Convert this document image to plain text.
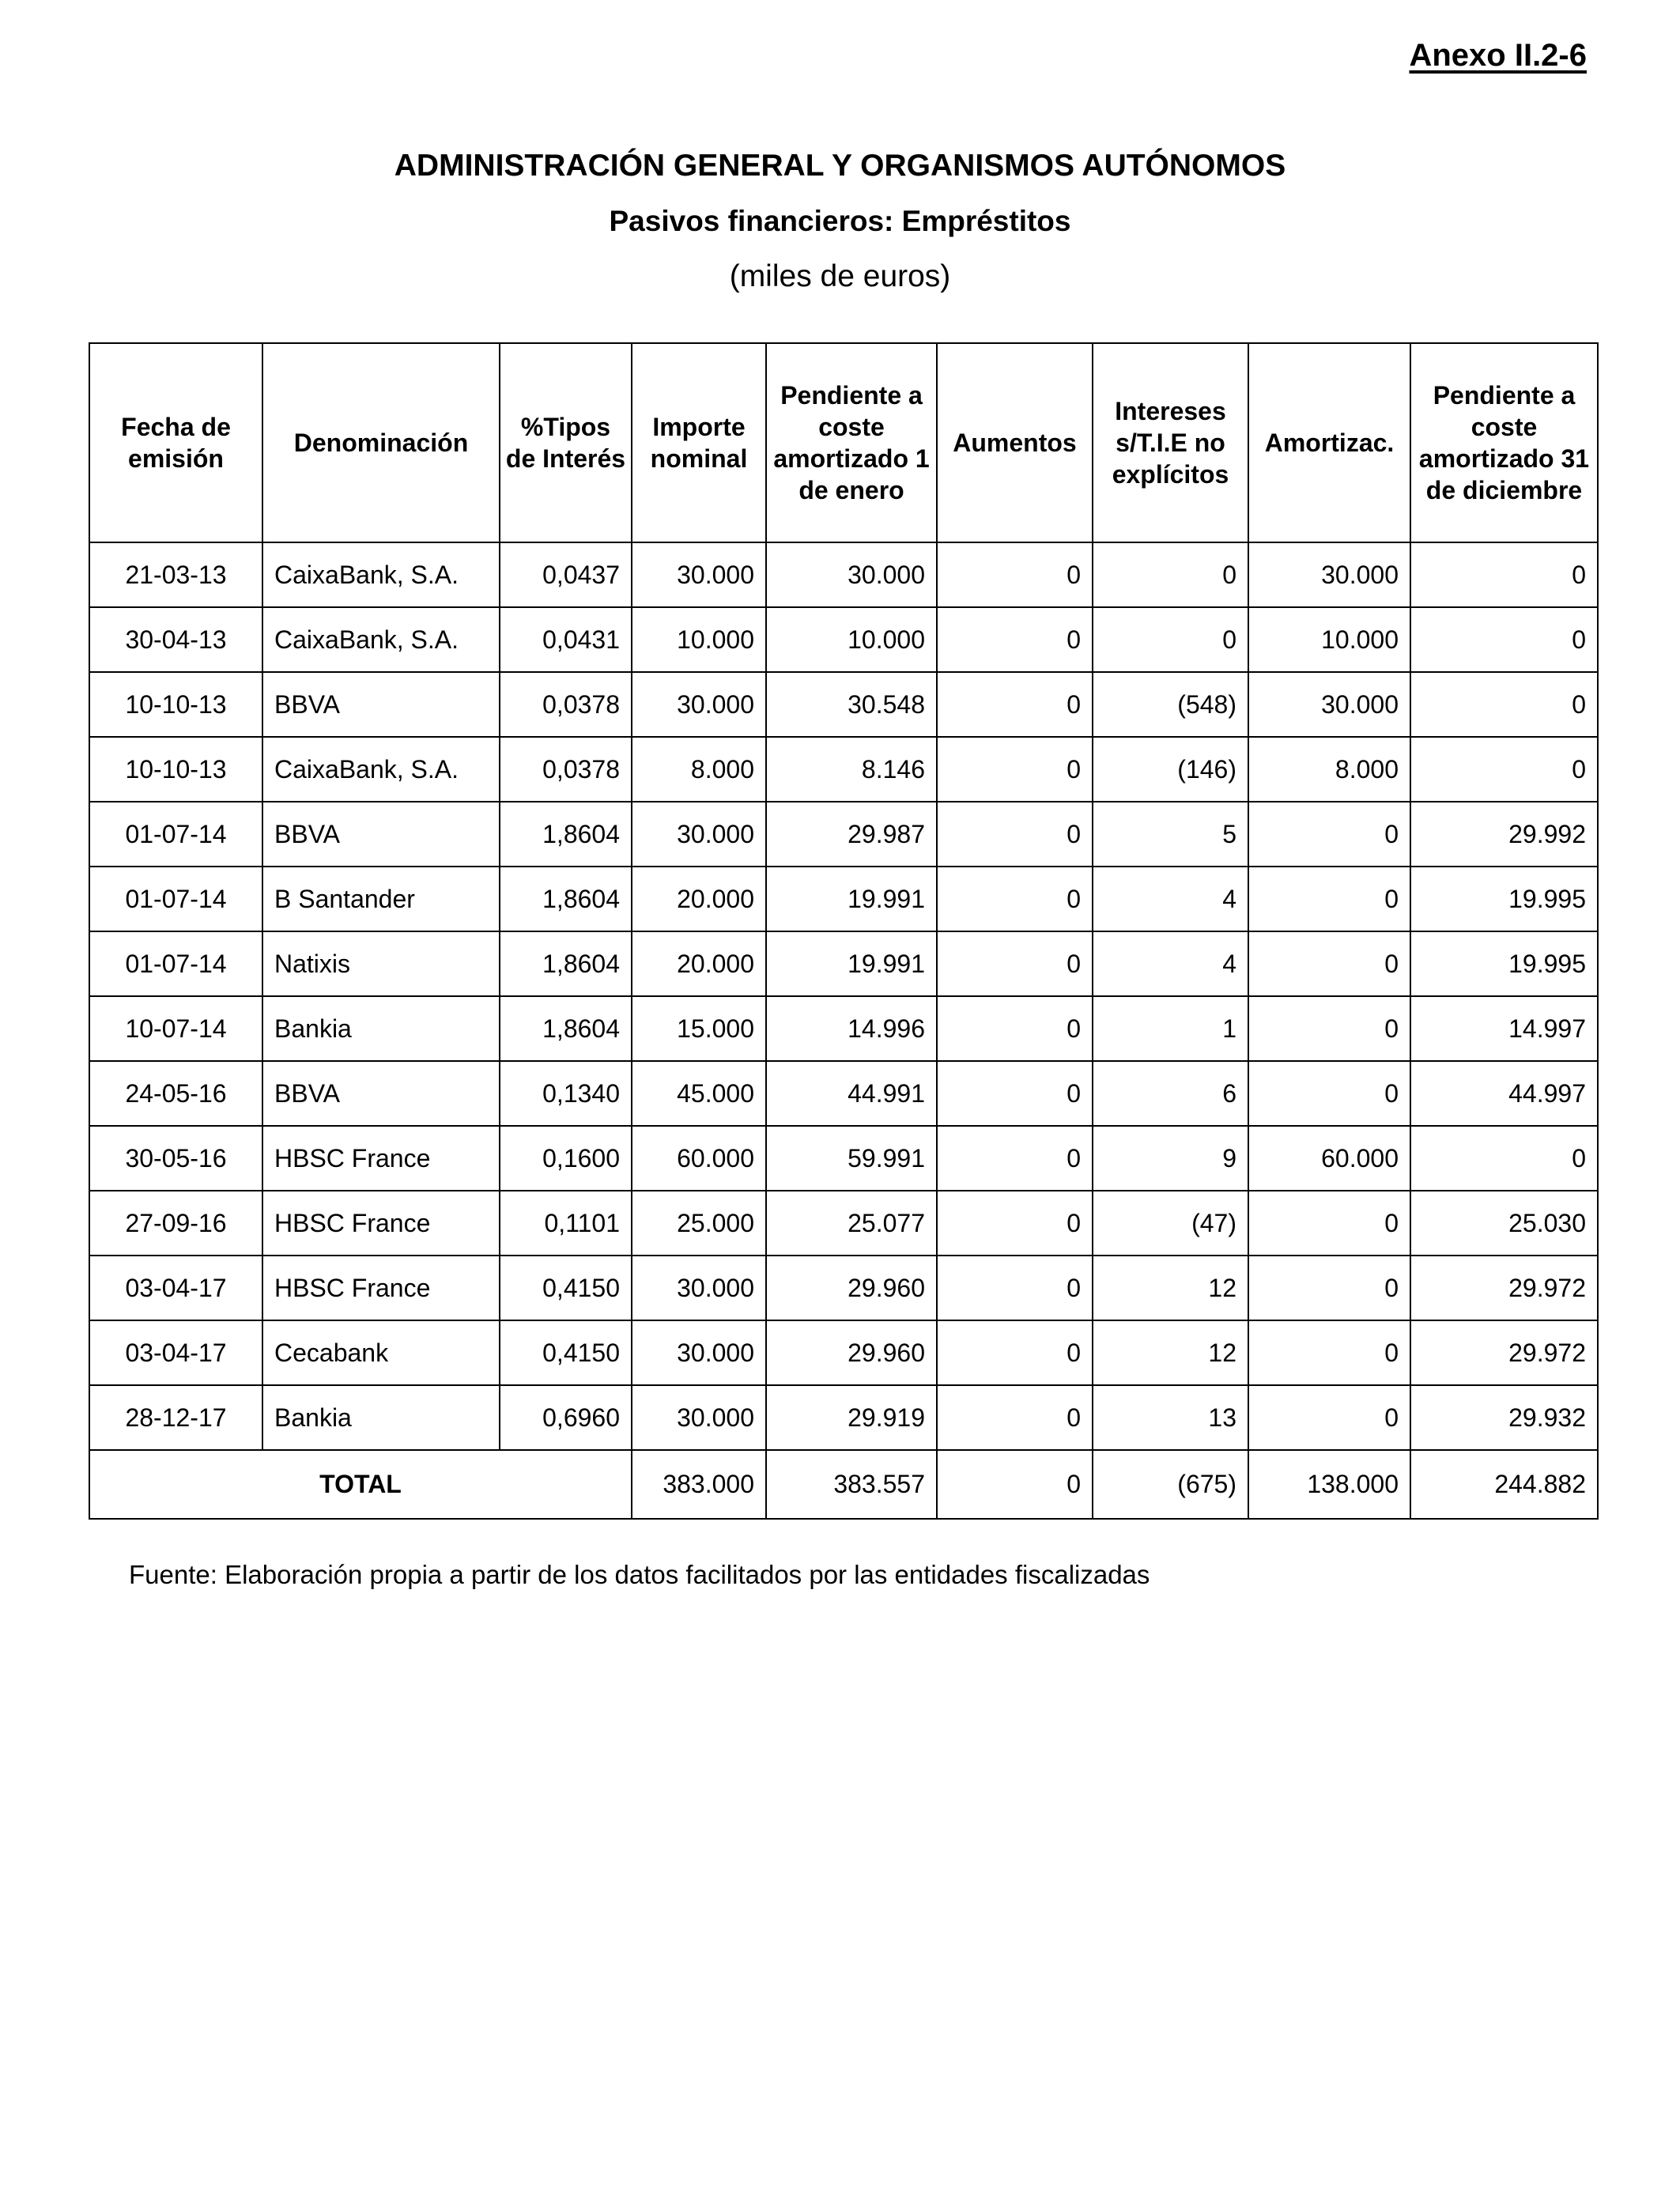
Anexo II.2-6
ADMINISTRACIÓN GENERAL Y ORGANISMOS AUTÓNOMOS
Pasivos financieros: Empréstitos
(miles de euros)
Fecha de emisión	Denominación	%Tipos de Interés	Importe nominal	Pendiente a coste amortizado 1 de enero	Aumentos	Intereses s/T.I.E no explícitos	Amortizac.	Pendiente a coste amortizado 31 de diciembre
21-03-13	CaixaBank, S.A.	0,0437	30.000	30.000	0	0	30.000	0
30-04-13	CaixaBank, S.A.	0,0431	10.000	10.000	0	0	10.000	0
10-10-13	BBVA	0,0378	30.000	30.548	0	(548)	30.000	0
10-10-13	CaixaBank, S.A.	0,0378	8.000	8.146	0	(146)	8.000	0
01-07-14	BBVA	1,8604	30.000	29.987	0	5	0	29.992
01-07-14	B Santander	1,8604	20.000	19.991	0	4	0	19.995
01-07-14	Natixis	1,8604	20.000	19.991	0	4	0	19.995
10-07-14	Bankia	1,8604	15.000	14.996	0	1	0	14.997
24-05-16	BBVA	0,1340	45.000	44.991	0	6	0	44.997
30-05-16	HBSC France	0,1600	60.000	59.991	0	9	60.000	0
27-09-16	HBSC France	0,1101	25.000	25.077	0	(47)	0	25.030
03-04-17	HBSC France	0,4150	30.000	29.960	0	12	0	29.972
03-04-17	Cecabank	0,4150	30.000	29.960	0	12	0	29.972
28-12-17	Bankia	0,6960	30.000	29.919	0	13	0	29.932
TOTAL			383.000	383.557	0	(675)	138.000	244.882
Fuente: Elaboración propia a partir de los datos facilitados por las entidades fiscalizadas
